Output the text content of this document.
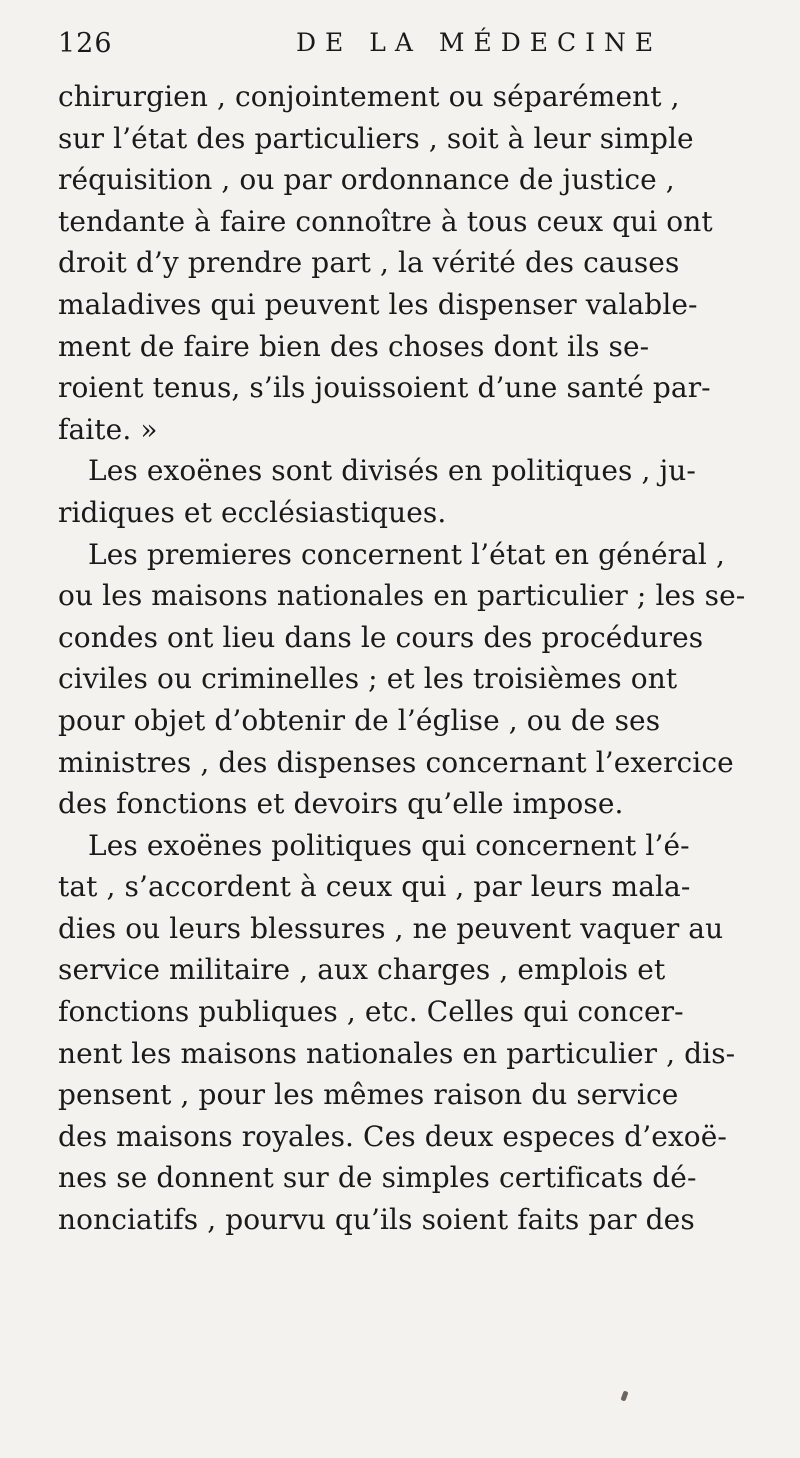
126	DE LA MÉDECINE
chirurgien , conjointement ou séparément ,
sur l’état des particuliers , soit à leur simple
réquisition , ou par ordonnance de justice ,
tendante à faire connoître à tous ceux qui ont
droit d’y prendre part , la vérité des causes
maladives qui peuvent les dispenser valable-
ment de faire bien des choses dont ils se-
roient tenus, s’ils jouissoient d’une santé par-
faite. »
Les exoënes sont divisés en politiques , ju-
ridiques et ecclésiastiques.
Les premieres concernent l’état en général ,
ou les maisons nationales en particulier ; les se-
condes ont lieu dans le cours des procédures
civiles ou criminelles ; et les troisièmes ont
pour objet d’obtenir de l’église , ou de ses
ministres , des dispenses concernant l’exercice
des fonctions et devoirs qu’elle impose.
Les exoënes politiques qui concernent l’é-
tat , s’accordent à ceux qui , par leurs mala-
dies ou leurs blessures , ne peuvent vaquer au
service militaire , aux charges , emplois et
fonctions publiques , etc. Celles qui concer-
nent les maisons nationales en particulier , dis-
pensent , pour les mêmes raison du service
des maisons royales. Ces deux especes d’exoë-
nes se donnent sur de simples certificats dé-
nonciatifs , pourvu qu’ils soient faits par des
